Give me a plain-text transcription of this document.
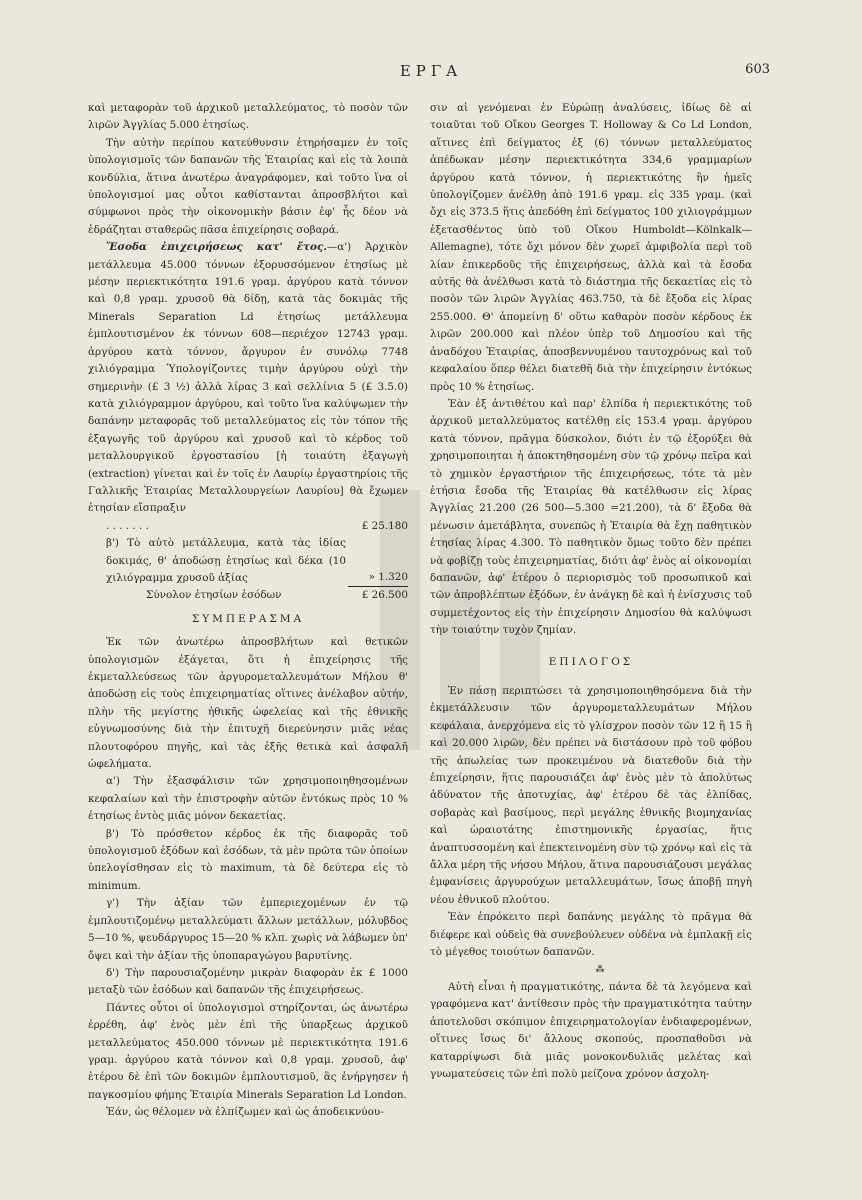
ΕΡΓΑ	603

καὶ μεταφορὰν τοῦ ἀρχικοῦ μεταλλεύματος, τὸ ποσὸν τῶν λιρῶν Ἀγγλίας 5.000 ἐτησίως.

Τὴν αὐτὴν περίπου κατεύθυνσιν ἐτηρήσαμεν ἐν τοῖς ὑπολογισμοῖς τῶν δαπανῶν τῆς Ἑταιρίας καὶ εἰς τὰ λοιπὰ κονδύλια, ἅτινα ἀνωτέρω ἀναγράφομεν, καὶ τοῦτο ἵνα οἱ ὑπολογισμοί μας οὗτοι καθίστανται ἀπροσβλήτοι καὶ σύμφωνοι πρὸς τὴν οἰκονομικὴν βάσιν ἐφ' ἧς δέον νὰ ἑδράζηται σταθερῶς πᾶσα ἐπιχείρησις σοβαρά.

Ἔσοδα ἐπιχειρήσεως κατ' ἔτος.—α') Ἀρχικὸν μετάλλευμα 45.000 τόννων ἐξορυσσόμενον ἐτησίως μὲ μέσην περιεκτικότητα 191.6 γραμ. ἀργύρου κατὰ τόννον καὶ 0,8 γραμ. χρυσοῦ θὰ δίδῃ, κατὰ τὰς δοκιμὰς τῆς Minerals Separation Ld ἐτησίως μετάλλευμα ἐμπλουτισμένον ἐκ τόννων 608—περιέχον 12743 γραμ. ἀργύρου κατὰ τόννον, ἄργυρον ἐν συνόλῳ 7748 χιλιόγραμμα Ὑπολογίζοντες τιμὴν ἀργύρου οὐχὶ τὴν σημερινὴν (£ 3 ½) ἀλλὰ λίρας 3 καὶ σελλίνια 5 (£ 3.5.0) κατὰ χιλιόγραμμον ἀργύρου, καὶ τοῦτο ἵνα καλύψωμεν τὴν δαπάνην μεταφορᾶς τοῦ μεταλλεύματος εἰς τὸν τόπον τῆς ἐξαγωγῆς τοῦ ἀργύρου καὶ χρυσοῦ καὶ τὸ κέρδος τοῦ μεταλλουργικοῦ ἐργοστασίου [ἡ τοιαύτη ἐξαγωγὴ (extraction) γίνεται καὶ ἐν τοῖς ἐν Λαυρίῳ ἐργαστηρίοις τῆς Γαλλικῆς Ἑταιρίας Μεταλλουργείων Λαυρίου] θὰ ἔχωμεν ἐτησίαν εἴσπραξιν

. . . . . . .	£ 25.180
β') Τὸ αὐτὸ μετάλλευμα, κατὰ τὰς ἰδίας δοκιμάς, θ' ἀποδώσῃ ἐτησίως καὶ δέκα (10 χιλιόγραμμα χρυσοῦ ἀξίας	» 1.320
Σύνολον ἐτησίων ἐσόδων	£ 26.500

ΣΥΜΠΕΡΑΣΜΑ

Ἐκ τῶν ἀνωτέρω ἀπροσβλήτων καὶ θετικῶν ὑπολογισμῶν ἐξάγεται, ὅτι ἡ ἐπιχείρησις τῆς ἐκμεταλλεύσεως τῶν ἀργυρομεταλλευμάτων Μήλου θ' ἀποδώσῃ εἰς τοὺς ἐπιχειρηματίας οἵτινες ἀνέλαβον αὐτήν, πλὴν τῆς μεγίστης ἠθικῆς ὠφελείας καὶ τῆς ἐθνικῆς εὐγνωμοσύνης διὰ τὴν ἐπιτυχῆ διερεύνησιν μιᾶς νέας πλουτοφόρου πηγῆς, καὶ τὰς ἑξῆς θετικὰ καὶ ἀσφαλῆ ὠφελήματα.

α') Τὴν ἐξασφάλισιν τῶν χρησιμοποιηθησομένων κεφαλαίων καὶ τὴν ἐπιστροφὴν αὐτῶν ἐντόκως πρὸς 10 % ἐτησίως ἐντὸς μιᾶς μόνον δεκαετίας.

β') Τὸ πρόσθετον κέρδος ἐκ τῆς διαφορᾶς τοῦ ὑπολογισμοῦ ἐξόδων καὶ ἐσόδων, τὰ μὲν πρῶτα τῶν ὁποίων ὑπελογίσθησαν εἰς τὸ maximum, τὰ δὲ δεύτερα εἰς τὸ minimum.

γ') Τὴν ἀξίαν τῶν ἐμπεριεχομένων ἐν τῷ ἐμπλουτιζομένῳ μεταλλεύματι ἄλλων μετάλλων, μόλυβδος 5—10 %, ψευδάργυρος 15—20 % κλπ. χωρὶς νὰ λάβωμεν ὑπ' ὄψει καὶ τὴν ἀξίαν τῆς ὑποπαραγώγου βαρυτίνης.

δ') Τὴν παρουσιαζομένην μικρὰν διαφορὰν ἐκ £ 1000 μεταξὺ τῶν ἐσόδων καὶ δαπανῶν τῆς ἐπιχειρήσεως.

Πάντες οὗτοι οἱ ὑπολογισμοὶ στηρίζονται, ὡς ἀνωτέρω ἐρρέθη, ἀφ' ἑνὸς μὲν ἐπὶ τῆς ὑπαρξεως ἀρχικοῦ μεταλλεύματος 450.000 τόννων μὲ περιεκτικότητα 191.6 γραμ. ἀργύρου κατὰ τόννον καὶ 0,8 γραμ. χρυσοῦ, ἀφ' ἑτέρου δὲ ἐπὶ τῶν δοκιμῶν ἐμπλουτισμοῦ, ἃς ἐνήργησεν ἡ παγκοσμίου φήμης Ἑταιρία Minerals Separation Ld London.

Ἐάν, ὡς θέλομεν νὰ ἐλπίζωμεν καὶ ὡς ἀποδεικνύου-

σιν αἱ γενόμεναι ἐν Εὐρώπῃ ἀναλύσεις, ἰδίως δὲ αἱ τοιαῦται τοῦ Οἴκου Georges T. Holloway & Co Ld London, αἵτινες ἐπὶ δείγματος ἐξ (6) τόννων μεταλλεύματος ἀπέδωκαν μέσην περιεκτικότητα 334,6 γραμμαρίων ἀργύρου κατὰ τόννον, ἡ περιεκτικότης ἣν ἡμεῖς ὑπολογίζομεν ἀνέλθῃ ἀπὸ 191.6 γραμ. εἰς 335 γραμ. (καὶ ὄχι εἰς 373.5 ἥτις ἀπεδόθη ἐπὶ δείγματος 100 χιλιογράμμων ἐξετασθέντος ὑπὸ τοῦ Οἴκου Humboldt—Kölnkalk—Allemagne), τότε ὄχι μόνον δὲν χωρεῖ ἀμφιβολία περὶ τοῦ λίαν ἐπικερδοῦς τῆς ἐπιχειρήσεως, ἀλλὰ καὶ τὰ ἔσοδα αὐτῆς θὰ ἀνέλθωσι κατὰ τὸ διάστημα τῆς δεκαετίας εἰς τὸ ποσὸν τῶν λιρῶν Ἀγγλίας 463.750, τὰ δὲ ἔξοδα εἰς λίρας 255.000. Θ' ἀπομείνῃ δ' οὕτω καθαρὸν ποσὸν κέρδους ἐκ λιρῶν 200.000 καὶ πλέον ὑπὲρ τοῦ Δημοσίου καὶ τῆς ἀναδόχου Ἑταιρίας, ἀποσβεννυμένου ταυτοχρόνως καὶ τοῦ κεφαλαίου ὅπερ θέλει διατεθῆ διὰ τὴν ἐπιχείρησιν ἐντόκως πρὸς 10 % ἐτησίως.

Ἐὰν ἐξ ἀντιθέτου καὶ παρ' ἐλπίδα ἡ περιεκτικότης τοῦ ἀρχικοῦ μεταλλεύματος κατέλθῃ εἰς 153.4 γραμ. ἀργύρου κατὰ τόννον, πρᾶγμα δύσκολον, διότι ἐν τῷ ἐξορύξει θὰ χρησιμοποιηται ἡ ἀποκτηθησομένη σὺν τῷ χρόνῳ πεῖρα καὶ τὸ χημικὸν ἐργαστήριον τῆς ἐπιχειρήσεως, τότε τὰ μὲν ἐτήσια ἔσοδα τῆς Ἑταιρίας θὰ κατέλθωσιν εἰς λίρας Ἀγγλίας 21.200 (26 500—5.300 =21.200), τὰ δ' ἔξοδα θὰ μένωσιν ἀμετάβλητα, συνεπῶς ἡ Ἑταιρία θὰ ἔχῃ παθητικὸν ἐτησίας λίρας 4.300. Τὸ παθητικὸν ὅμως τοῦτο δὲν πρέπει νὰ φοβίζῃ τοὺς ἐπιχειρηματίας, διότι ἀφ' ἑνὸς αἱ οἰκονομίαι δαπανῶν, ἀφ' ἑτέρου ὁ περιορισμὸς τοῦ προσωπικοῦ καὶ τῶν ἀπροβλέπτων ἐξόδων, ἐν ἀνάγκῃ δὲ καὶ ἡ ἐνίσχυσις τοῦ συμμετέχοντος εἰς τὴν ἐπιχείρησιν Δημοσίου θὰ καλύψωσι τὴν τοιαύτην τυχὸν ζημίαν.

ΕΠΙΛΟΓΟΣ

Ἐν πάσῃ περιπτώσει τὰ χρησιμοποιηθησόμενα διὰ τὴν ἐκμετάλλευσιν τῶν ἀργυρομεταλλευμάτων Μήλου κεφάλαια, ἀνερχόμενα εἰς τὸ γλίσχρον ποσὸν τῶν 12 ἢ 15 ἢ καὶ 20.000 λιρῶν, δὲν πρέπει νὰ διστάσουν πρὸ τοῦ φόβου τῆς ἀπωλείας των προκειμένου νὰ διατεθοῦν διὰ τὴν ἐπιχείρησιν, ἥτις παρουσιάζει ἀφ' ἑνὸς μὲν τὸ ἀπολύτως ἀδύνατον τῆς ἀποτυχίας, ἀφ' ἑτέρου δὲ τὰς ἐλπίδας, σοβαρὰς καὶ βασίμους, περὶ μεγάλης ἐθνικῆς βιομηχανίας καὶ ὡραιοτάτης ἐπιστημονικῆς ἐργασίας, ἥτις ἀναπτυσσομένη καὶ ἐπεκτεινομένη σὺν τῷ χρόνῳ καὶ εἰς τὰ ἄλλα μέρη τῆς νήσου Μήλου, ἅτινα παρουσιάζουσι μεγάλας ἐμφανίσεις ἀργυρούχων μεταλλευμάτων, ἴσως ἀποβῇ πηγὴ νέου ἐθνικοῦ πλούτου.

Ἐὰν ἐπρόκειτο περὶ δαπάνης μεγάλης τὸ πρᾶγμα θὰ διέφερε καὶ οὐδεὶς θὰ συνεβούλευεν οὐδένα νὰ ἐμπλακῇ εἰς τὸ μέγεθος τοιούτων δαπανῶν.

⁂

Αὐτὴ εἶναι ἡ πραγματικότης, πάντα δὲ τὰ λεγόμενα καὶ γραφόμενα κατ' ἀντίθεσιν πρὸς τὴν πραγματικότητα ταύτην ἀποτελοῦσι σκόπιμον ἐπιχειρηματολογίαν ἐνδιαφερομένων, οἵτινες ἴσως δι' ἄλλους σκοπούς, προσπαθοῦσι νὰ καταρρίψωσι διὰ μιᾶς μονοκονδυλιᾶς μελέτας καὶ γνωματεύσεις τῶν ἐπὶ πολὺ μείζονα χρόνον ἀσχολη-
